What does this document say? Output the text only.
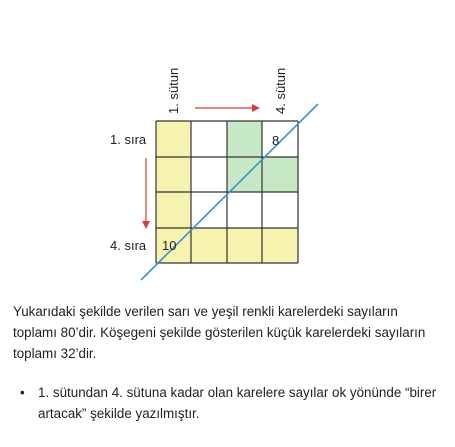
8
10
1. sütun	4. sütun
1. sıra
4. sıra

Yukarıdaki şekilde verilen sarı ve yeşil renkli karelerdeki sayıların toplamı 80’dir. Köşegeni şekilde gösterilen küçük karelerdeki sayıların toplamı 32’dir.

• 1. sütundan 4. sütuna kadar olan karelere sayılar ok yönünde “birer artacak” şekilde yazılmıştır.
